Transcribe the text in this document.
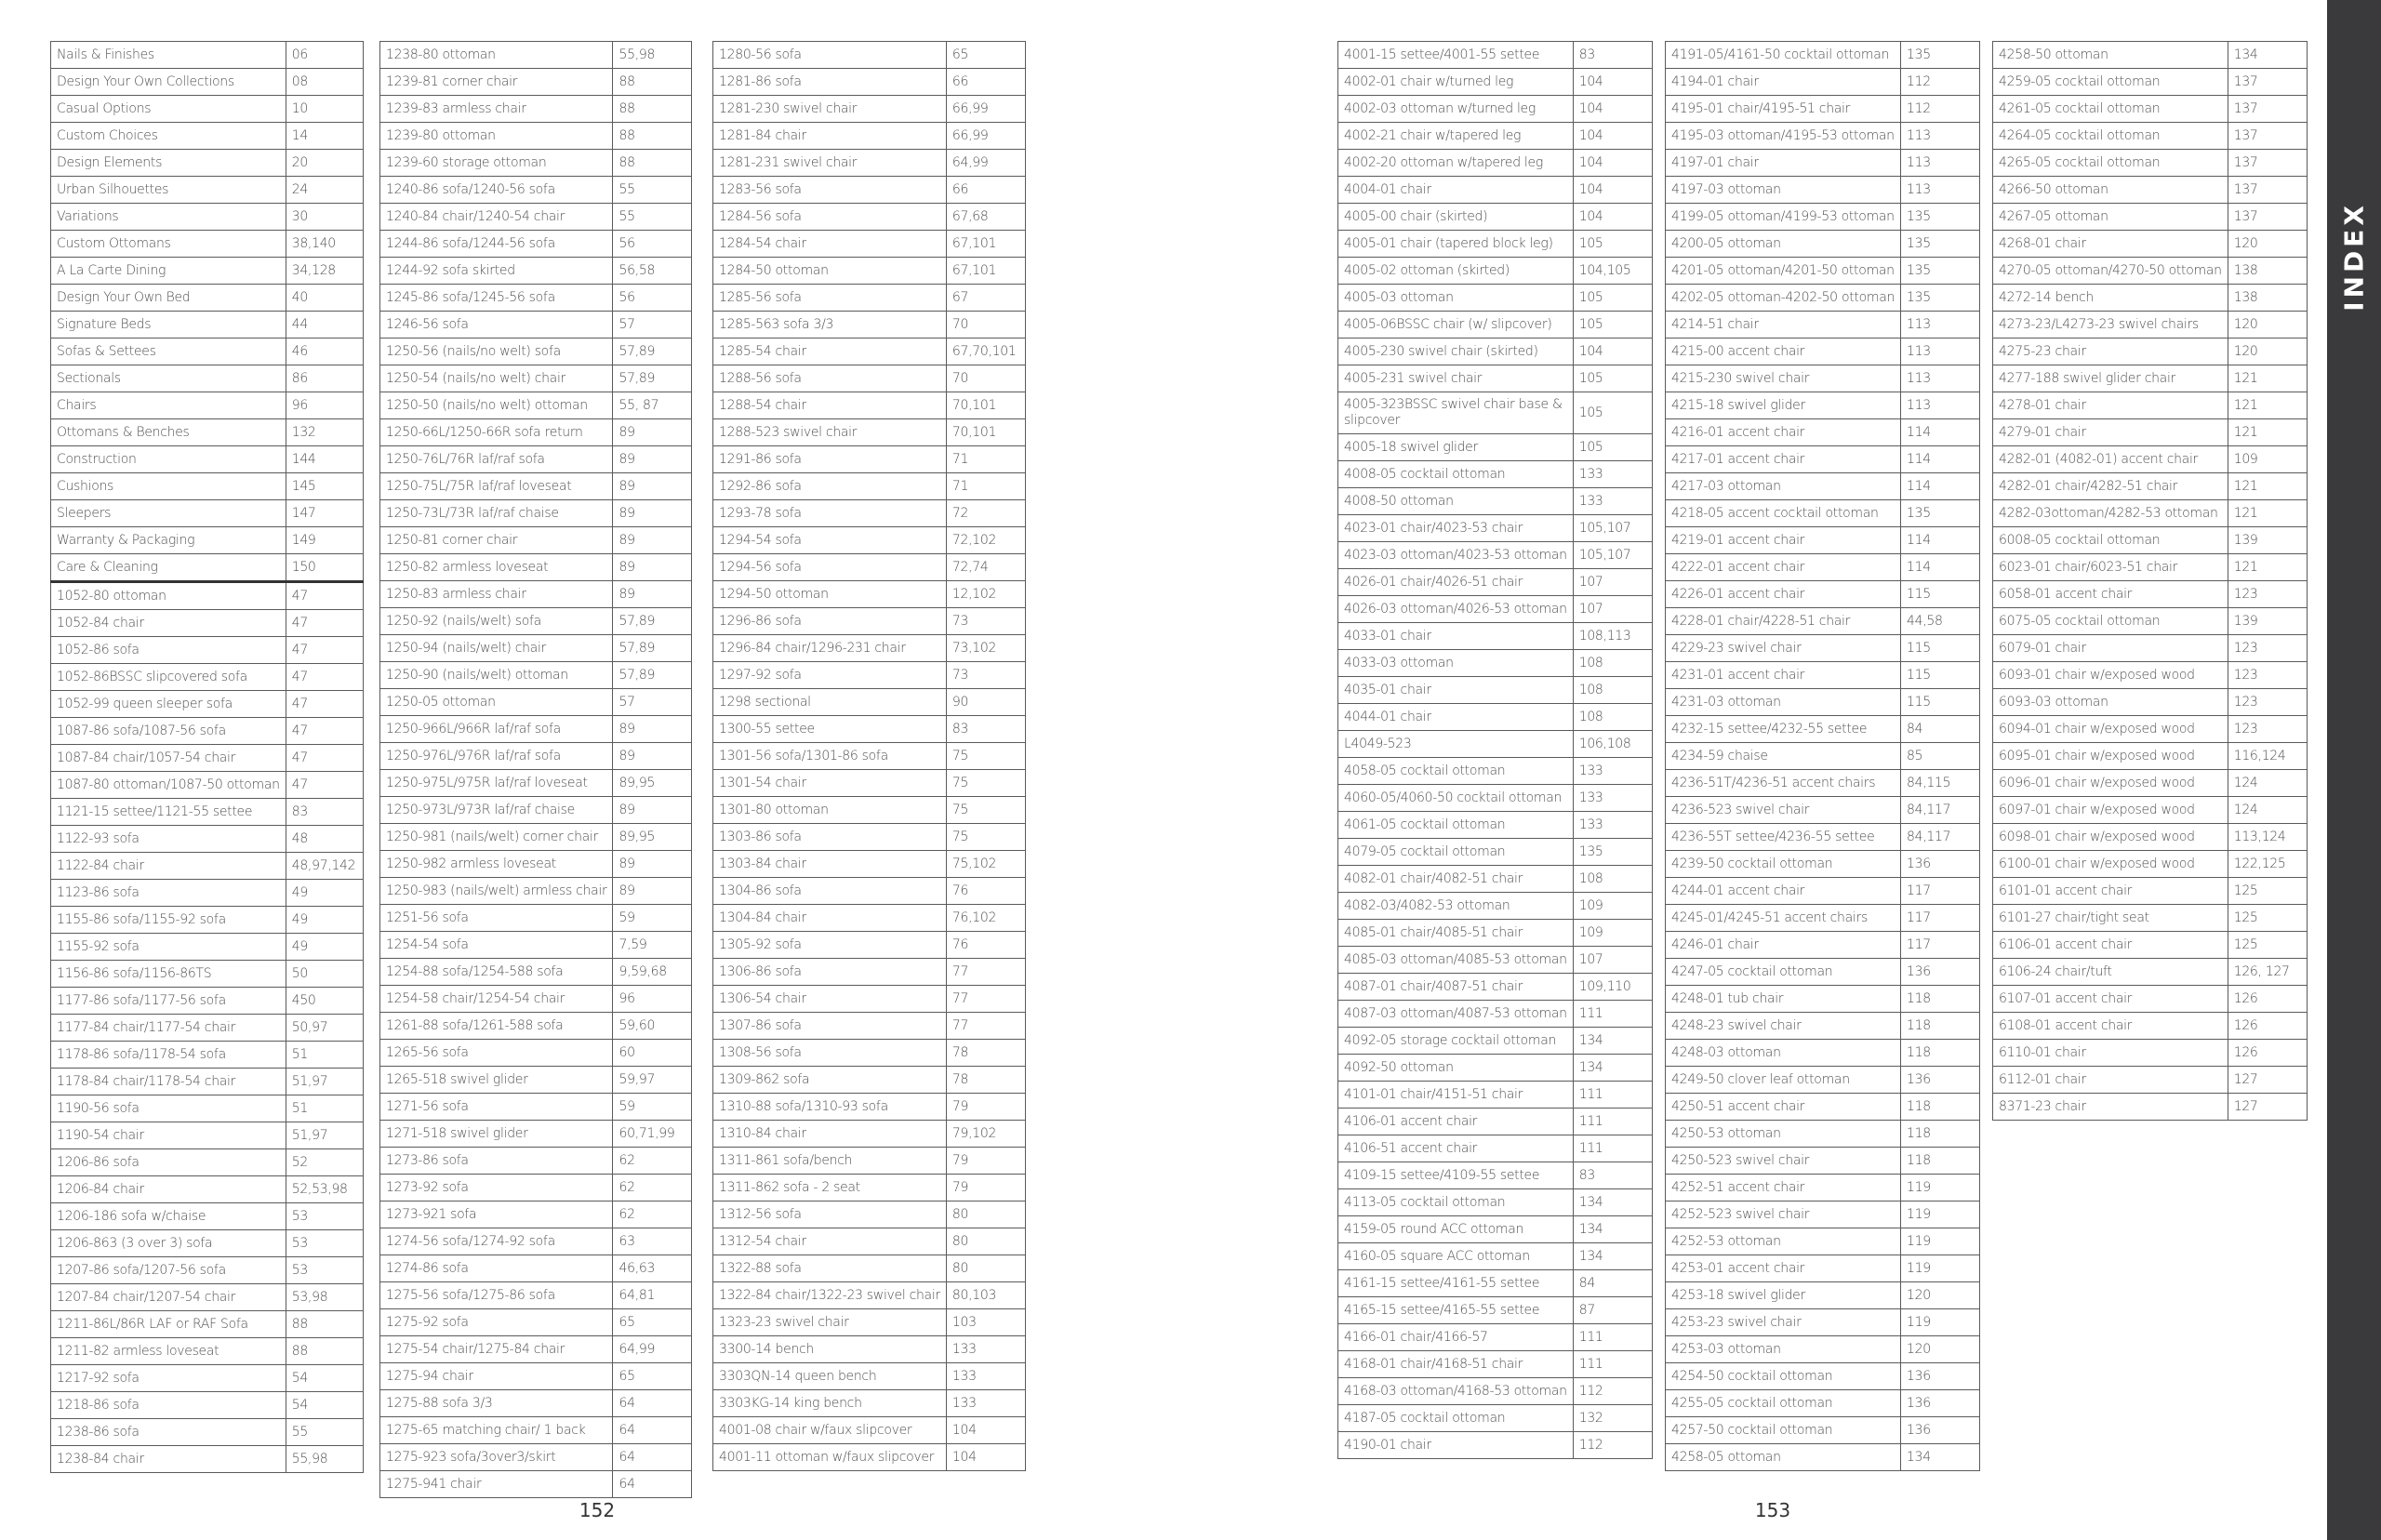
Nails & Finishes	06
Design Your Own Collections	08
Casual Options	10
Custom Choices	14
Design Elements	20
Urban Silhouettes	24
Variations	30
Custom Ottomans	38,140
A La Carte Dining	34,128
Design Your Own Bed	40
Signature Beds	44
Sofas & Settees	46
Sectionals	86
Chairs	96
Ottomans & Benches	132
Construction	144
Cushions	145
Sleepers	147
Warranty & Packaging	149
Care & Cleaning	150
1052-80 ottoman	47
1052-84 chair	47
1052-86 sofa	47
1052-86BSSC slipcovered sofa	47
1052-99 queen sleeper sofa	47
1087-86 sofa/1087-56 sofa	47
1087-84 chair/1057-54 chair	47
1087-80 ottoman/1087-50 ottoman	47
1121-15 settee/1121-55 settee	83
1122-93 sofa	48
1122-84 chair	48,97,142
1123-86 sofa	49
1155-86 sofa/1155-92 sofa	49
1155-92 sofa	49
1156-86 sofa/1156-86TS	50
1177-86 sofa/1177-56 sofa	450
1177-84 chair/1177-54 chair	50,97
1178-86 sofa/1178-54 sofa	51
1178-84 chair/1178-54 chair	51,97
1190-56 sofa	51
1190-54 chair	51,97
1206-86 sofa	52
1206-84 chair	52,53,98
1206-186 sofa w/chaise	53
1206-863 (3 over 3) sofa	53
1207-86 sofa/1207-56 sofa	53
1207-84 chair/1207-54 chair	53,98
1211-86L/86R LAF or RAF Sofa	88
1211-82 armless loveseat	88
1217-92 sofa	54
1218-86 sofa	54
1238-86 sofa	55
1238-84 chair	55,98
1238-80 ottoman	55,98
1239-81 corner chair	88
1239-83 armless chair	88
1239-80 ottoman	88
1239-60 storage ottoman	88
1240-86 sofa/1240-56 sofa	55
1240-84 chair/1240-54 chair	55
1244-86 sofa/1244-56 sofa	56
1244-92 sofa skirted	56,58
1245-86 sofa/1245-56 sofa	56
1246-56 sofa	57
1250-56 (nails/no welt) sofa	57,89
1250-54 (nails/no welt) chair	57,89
1250-50 (nails/no welt) ottoman	55, 87
1250-66L/1250-66R sofa return	89
1250-76L/76R laf/raf sofa	89
1250-75L/75R laf/raf loveseat	89
1250-73L/73R laf/raf chaise	89
1250-81 corner chair	89
1250-82 armless loveseat	89
1250-83 armless chair	89
1250-92 (nails/welt) sofa	57,89
1250-94 (nails/welt) chair	57,89
1250-90 (nails/welt) ottoman	57,89
1250-05 ottoman	57
1250-966L/966R laf/raf sofa	89
1250-976L/976R laf/raf sofa	89
1250-975L/975R laf/raf loveseat	89,95
1250-973L/973R laf/raf chaise	89
1250-981 (nails/welt) corner chair	89,95
1250-982 armless loveseat	89
1250-983 (nails/welt) armless chair	89
1251-56 sofa	59
1254-54 sofa	7,59
1254-88 sofa/1254-588 sofa	9,59,68
1254-58 chair/1254-54 chair	96
1261-88 sofa/1261-588 sofa	59,60
1265-56 sofa	60
1265-518 swivel glider	59,97
1271-56 sofa	59
1271-518 swivel glider	60,71,99
1273-86 sofa	62
1273-92 sofa	62
1273-921 sofa	62
1274-56 sofa/1274-92 sofa	63
1274-86 sofa	46,63
1275-56 sofa/1275-86 sofa	64,81
1275-92 sofa	65
1275-54 chair/1275-84 chair	64,99
1275-94 chair	65
1275-88 sofa 3/3	64
1275-65 matching chair/ 1 back	64
1275-923 sofa/3over3/skirt	64
1275-941 chair	64
1280-56 sofa	65
1281-86 sofa	66
1281-230 swivel chair	66,99
1281-84 chair	66,99
1281-231 swivel chair	64,99
1283-56 sofa	66
1284-56 sofa	67,68
1284-54 chair	67,101
1284-50 ottoman	67,101
1285-56 sofa	67
1285-563 sofa 3/3	70
1285-54 chair	67,70,101
1288-56 sofa	70
1288-54 chair	70,101
1288-523 swivel chair	70,101
1291-86 sofa	71
1292-86 sofa	71
1293-78 sofa	72
1294-54 sofa	72,102
1294-56 sofa	72,74
1294-50 ottoman	12,102
1296-86 sofa	73
1296-84 chair/1296-231 chair	73,102
1297-92 sofa	73
1298 sectional	90
1300-55 settee	83
1301-56 sofa/1301-86 sofa	75
1301-54 chair	75
1301-80 ottoman	75
1303-86 sofa	75
1303-84 chair	75,102
1304-86 sofa	76
1304-84 chair	76,102
1305-92 sofa	76
1306-86 sofa	77
1306-54 chair	77
1307-86 sofa	77
1308-56 sofa	78
1309-862 sofa	78
1310-88 sofa/1310-93 sofa	79
1310-84 chair	79,102
1311-861 sofa/bench	79
1311-862 sofa - 2 seat	79
1312-56 sofa	80
1312-54 chair	80
1322-88 sofa	80
1322-84 chair/1322-23 swivel chair	80,103
1323-23 swivel chair	103
3300-14 bench	133
3303QN-14 queen bench	133
3303KG-14 king bench	133
4001-08 chair w/faux slipcover	104
4001-11 ottoman w/faux slipcover	104
4001-15 settee/4001-55 settee	83
4002-01 chair w/turned leg	104
4002-03 ottoman w/turned leg	104
4002-21 chair w/tapered leg	104
4002-20 ottoman w/tapered leg	104
4004-01 chair	104
4005-00 chair (skirted)	104
4005-01 chair (tapered block leg)	105
4005-02 ottoman (skirted)	104,105
4005-03 ottoman	105
4005-06BSSC chair (w/ slipcover)	105
4005-230 swivel chair (skirted)	104
4005-231 swivel chair	105
4005-323BSSC swivel chair base & slipcover	105
4005-18 swivel glider	105
4008-05 cocktail ottoman	133
4008-50 ottoman	133
4023-01 chair/4023-53 chair	105,107
4023-03 ottoman/4023-53 ottoman	105,107
4026-01 chair/4026-51 chair	107
4026-03 ottoman/4026-53 ottoman	107
4033-01 chair	108,113
4033-03 ottoman	108
4035-01 chair	108
4044-01 chair	108
L4049-523	106,108
4058-05 cocktail ottoman	133
4060-05/4060-50 cocktail ottoman	133
4061-05 cocktail ottoman	133
4079-05 cocktail ottoman	135
4082-01 chair/4082-51 chair	108
4082-03/4082-53 ottoman	109
4085-01 chair/4085-51 chair	109
4085-03 ottoman/4085-53 ottoman	107
4087-01 chair/4087-51 chair	109,110
4087-03 ottoman/4087-53 ottoman	111
4092-05 storage cocktail ottoman	134
4092-50 ottoman	134
4101-01 chair/4151-51 chair	111
4106-01 accent chair	111
4106-51 accent chair	111
4109-15 settee/4109-55 settee	83
4113-05 cocktail ottoman	134
4159-05 round ACC ottoman	134
4160-05 square ACC ottoman	134
4161-15 settee/4161-55 settee	84
4165-15 settee/4165-55 settee	87
4166-01 chair/4166-57	111
4168-01 chair/4168-51 chair	111
4168-03 ottoman/4168-53 ottoman	112
4187-05 cocktail ottoman	132
4190-01 chair	112
4191-05/4161-50 cocktail ottoman	135
4194-01 chair	112
4195-01 chair/4195-51 chair	112
4195-03 ottoman/4195-53 ottoman	113
4197-01 chair	113
4197-03 ottoman	113
4199-05 ottoman/4199-53 ottoman	135
4200-05 ottoman	135
4201-05 ottoman/4201-50 ottoman	135
4202-05 ottoman-4202-50 ottoman	135
4214-51 chair	113
4215-00 accent chair	113
4215-230 swivel chair	113
4215-18 swivel glider	113
4216-01 accent chair	114
4217-01 accent chair	114
4217-03 ottoman	114
4218-05 accent cocktail ottoman	135
4219-01 accent chair	114
4222-01 accent chair	114
4226-01 accent chair	115
4228-01 chair/4228-51 chair	44,58
4229-23 swivel chair	115
4231-01 accent chair	115
4231-03 ottoman	115
4232-15 settee/4232-55 settee	84
4234-59 chaise	85
4236-51T/4236-51 accent chairs	84,115
4236-523 swivel chair	84,117
4236-55T settee/4236-55 settee	84,117
4239-50 cocktail ottoman	136
4244-01 accent chair	117
4245-01/4245-51 accent chairs	117
4246-01 chair	117
4247-05 cocktail ottoman	136
4248-01 tub chair	118
4248-23 swivel chair	118
4248-03 ottoman	118
4249-50 clover leaf ottoman	136
4250-51 accent chair	118
4250-53 ottoman	118
4250-523 swivel chair	118
4252-51 accent chair	119
4252-523 swivel chair	119
4252-53 ottoman	119
4253-01 accent chair	119
4253-18 swivel glider	120
4253-23 swivel chair	119
4253-03 ottoman	120
4254-50 cocktail ottoman	136
4255-05 cocktail ottoman	136
4257-50 cocktail ottoman	136
4258-05 ottoman	134
4258-50 ottoman	134
4259-05 cocktail ottoman	137
4261-05 cocktail ottoman	137
4264-05 cocktail ottoman	137
4265-05 cocktail ottoman	137
4266-50 ottoman	137
4267-05 ottoman	137
4268-01 chair	120
4270-05 ottoman/4270-50 ottoman	138
4272-14 bench	138
4273-23/L4273-23 swivel chairs	120
4275-23 chair	120
4277-188 swivel glider chair	121
4278-01 chair	121
4279-01 chair	121
4282-01 (4082-01) accent chair	109
4282-01 chair/4282-51 chair	121
4282-03ottoman/4282-53 ottoman	121
6008-05 cocktail ottoman	139
6023-01 chair/6023-51 chair	121
6058-01 accent chair	123
6075-05 cocktail ottoman	139
6079-01 chair	123
6093-01 chair w/exposed wood	123
6093-03 ottoman	123
6094-01 chair w/exposed wood	123
6095-01 chair w/exposed wood	116,124
6096-01 chair w/exposed wood	124
6097-01 chair w/exposed wood	124
6098-01 chair w/exposed wood	113,124
6100-01 chair w/exposed wood	122,125
6101-01 accent chair	125
6101-27 chair/tight seat	125
6106-01 accent chair	125
6106-24 chair/tuft	126, 127
6107-01 accent chair	126
6108-01 accent chair	126
6110-01 chair	126
6112-01 chair	127
8371-23 chair	127
152	153
INDEX
